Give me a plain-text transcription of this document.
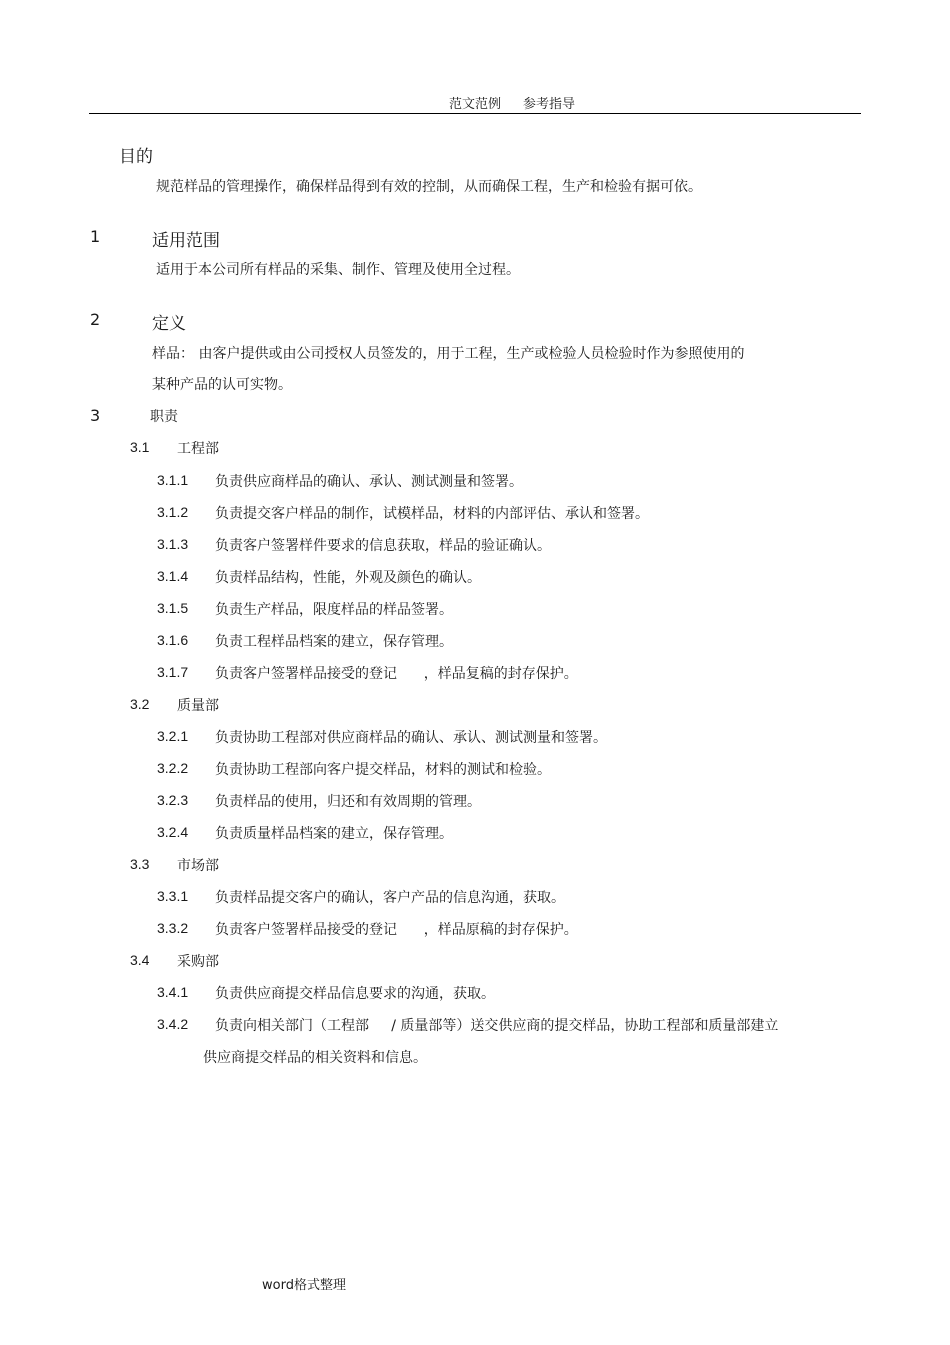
范文范例 参考指导
目的
规范样品的管理操作，确保样品得到有效的控制，从而确保工程，生产和检验有据可依。
1	适用范围
适用于本公司所有样品的采集、制作、管理及使用全过程。
2	定义
样品： 由客户提供或由公司授权人员签发的，用于工程，生产或检验人员检验时作为参照使用的
某种产品的认可实物。
3	职责
3.1 工程部
3.1.1 负责供应商样品的确认、承认、测试测量和签署。
3.1.2 负责提交客户样品的制作，试模样品，材料的内部评估、承认和签署。
3.1.3 负责客户签署样件要求的信息获取，样品的验证确认。
3.1.4 负责样品结构，性能，外观及颜色的确认。
3.1.5 负责生产样品，限度样品的样品签署。
3.1.6 负责工程样品档案的建立，保存管理。
3.1.7 负责客户签署样品接受的登记      ，样品复稿的封存保护。
3.2 质量部
3.2.1 负责协助工程部对供应商样品的确认、承认、测试测量和签署。
3.2.2 负责协助工程部向客户提交样品，材料的测试和检验。
3.2.3 负责样品的使用，归还和有效周期的管理。
3.2.4 负责质量样品档案的建立，保存管理。
3.3 市场部
3.3.1 负责样品提交客户的确认，客户产品的信息沟通，获取。
3.3.2 负责客户签署样品接受的登记      ，样品原稿的封存保护。
3.4 采购部
3.4.1 负责供应商提交样品信息要求的沟通，获取。
3.4.2 负责向相关部门（工程部     / 质量部等）送交供应商的提交样品，协助工程部和质量部建立
供应商提交样品的相关资料和信息。
word格式整理
